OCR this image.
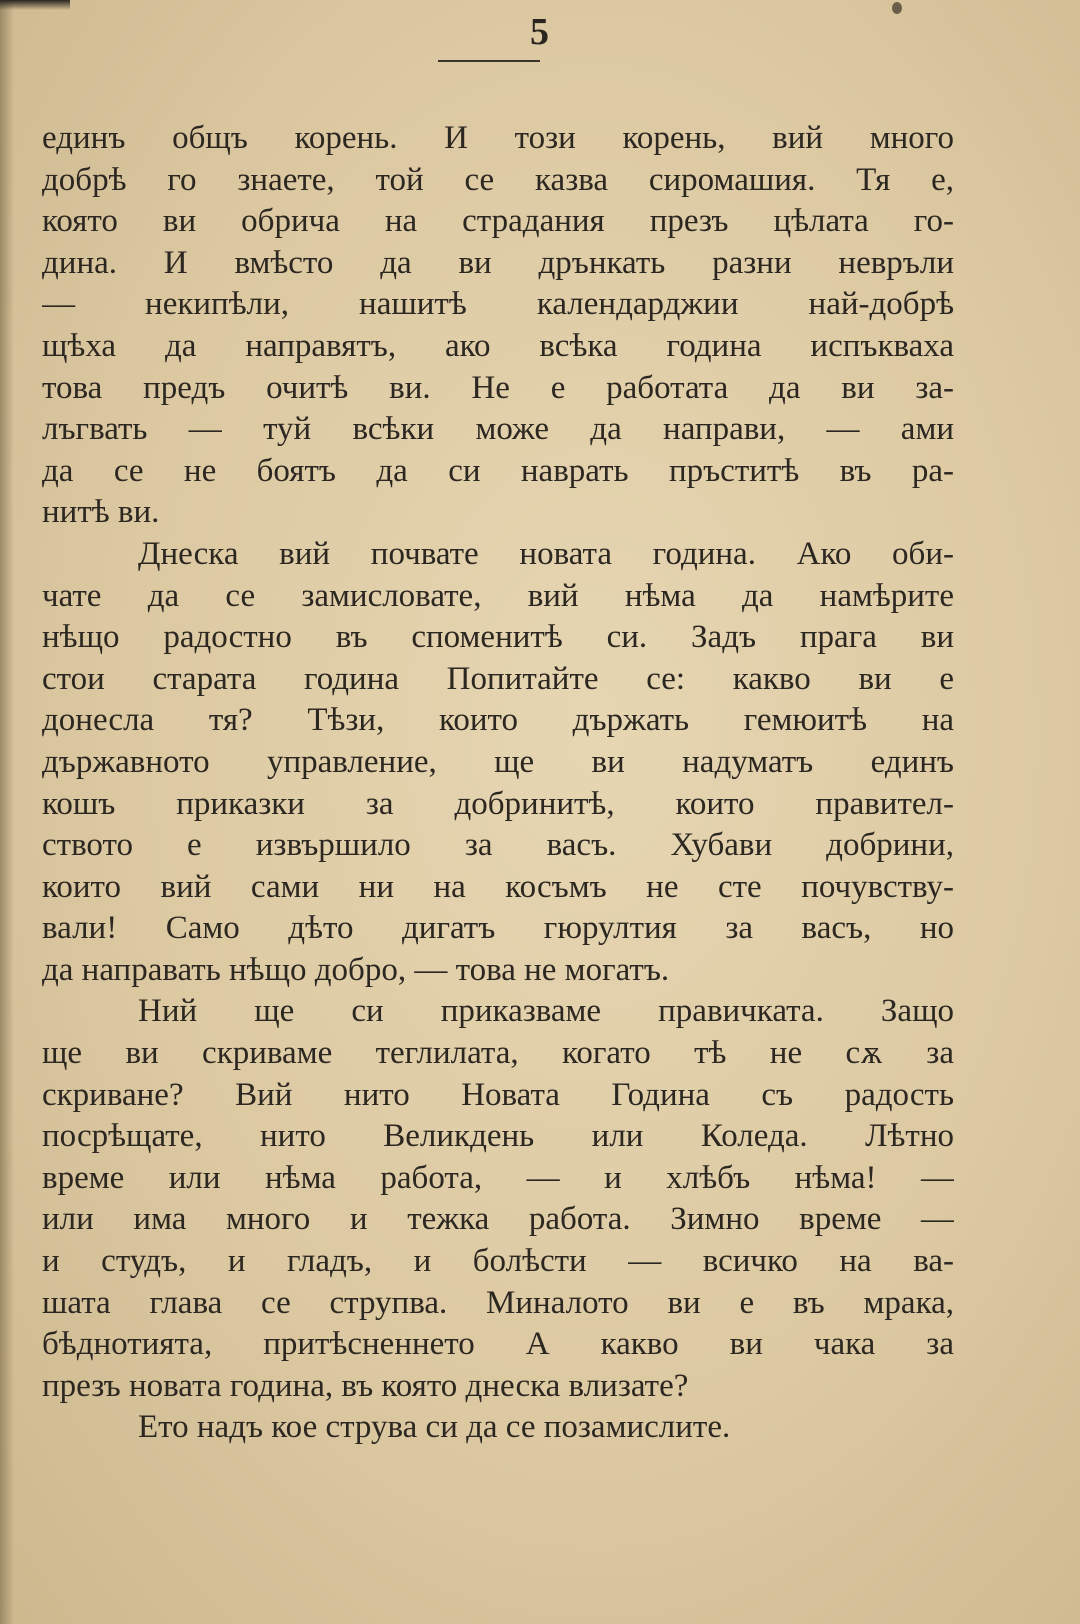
5
единъ общъ корень. И този корень, вий много
добрѣ го знаете, той се казва сиромашия. Тя е,
която ви обрича на страдания презъ цѣлата го-
дина. И вмѣсто да ви дрънкать разни невръли
— некипѣли, нашитѣ календарджии най-добрѣ
щѣха да направятъ, ако всѣка година испъкваха
това предъ очитѣ ви. Не е работата да ви за-
лъгвать — туй всѣки може да направи, — ами
да се не боятъ да си наврать пръститѣ въ ра-
нитѣ ви.
Днеска вий почвате новата година. Ако оби-
чате да се замисловате, вий нѣма да намѣрите
нѣщо радостно въ споменитѣ си. Задъ прага ви
стои старата година Попитайте се: какво ви е
донесла тя? Тѣзи, които държать гемюитѣ на
държавното управление, ще ви надуматъ единъ
кошъ приказки за добринитѣ, които правител-
ството е извършило за васъ. Хубави добрини,
които вий сами ни на косъмъ не сте почувству-
вали! Само дѣто дигатъ гюрултия за васъ, но
да направать нѣщо добро, — това не могатъ.
Ний ще си приказваме правичката. Защо
ще ви скриваме теглилата, когато тѣ не сѫ за
скриване? Вий нито Новата Година съ радость
посрѣщате, нито Великдень или Коледа. Лѣтно
време или нѣма работа, — и хлѣбъ нѣма! —
или има много и тежка работа. Зимно време —
и студъ, и гладъ, и болѣсти — всичко на ва-
шата глава се струпва. Миналото ви е въ мрака,
бѣднотията, притѣсненнето А какво ви чака за
презъ новата година, въ която днеска влизате?
Ето надъ кое струва си да се позамислите.
